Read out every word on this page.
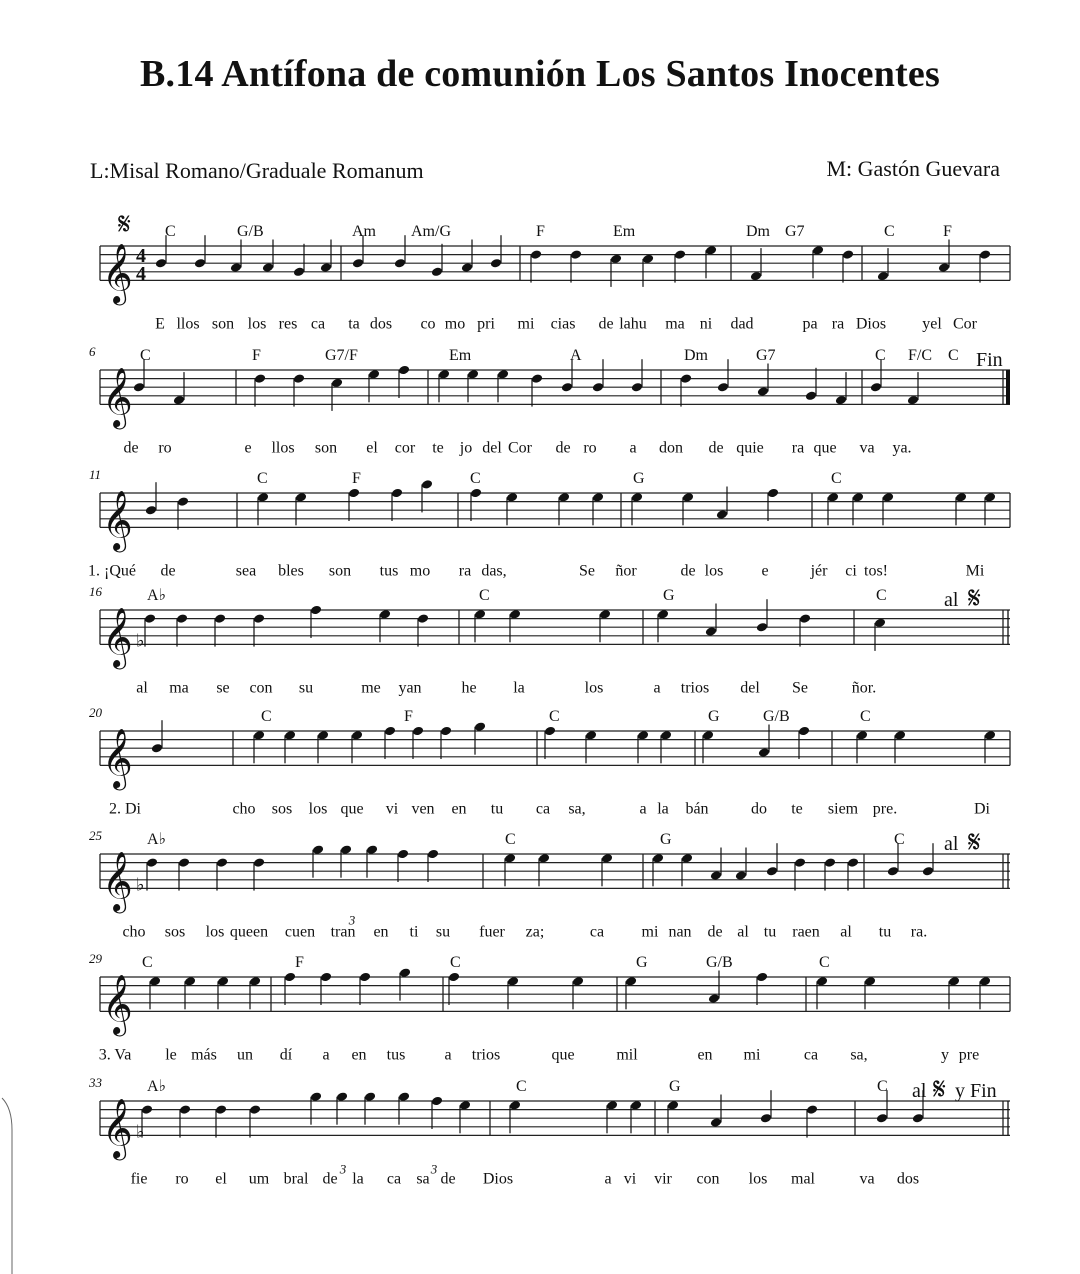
B.14 Antífona de comunión Los Santos Inocentes
L:Misal Romano/Graduale Romanum	M: Gastón Guevara
𝄞 4
4
𝄋 C	G/B	Am Am/G	F	Em	Dm G7	C	F
E llos son los res ca ta dos co mo pri mi cias de lahu ma ni dad	pa ra Dios yel Cor
𝄞
6	C	F	G7/F	Em	A	Dm	G7	C F/C C
de ro	e llos son el cor te jo del Cor de ro a don de quie ra que va ya.
Fin
𝄞
11	C	F	C	G	C
1. ¡Qué de	sea bles son tus mo ra das,	Se ñor	de los e	jér ci tos!	Mi
𝄞 ♭
16	A♭	C	G	C
al ma se con su	me yan he la	los	a trios del Se	ñor.
al 𝄋
𝄞
20	C	F	C	G	G/B	C
2. Di	cho sos los que vi ven en tu ca sa,	a la bán	do te siem pre.	Di
𝄞 ♭
25	A♭	C	G	C
cho sos los queen cuen tran en ti su fuer za;	ca mi nan de al tu raen al tu ra.
al 𝄋
3
𝄞
29	C	F	C	G	G/B	C
3. Va le más un dí a en tus a trios	que	mil	en mi	ca sa,	y pre
𝄞 ♭
33	A♭	C	G	C
fie ro el um bral de la ca sa de Dios	a vi vir con los mal	va dos
al 𝄋 y Fin
3	3
